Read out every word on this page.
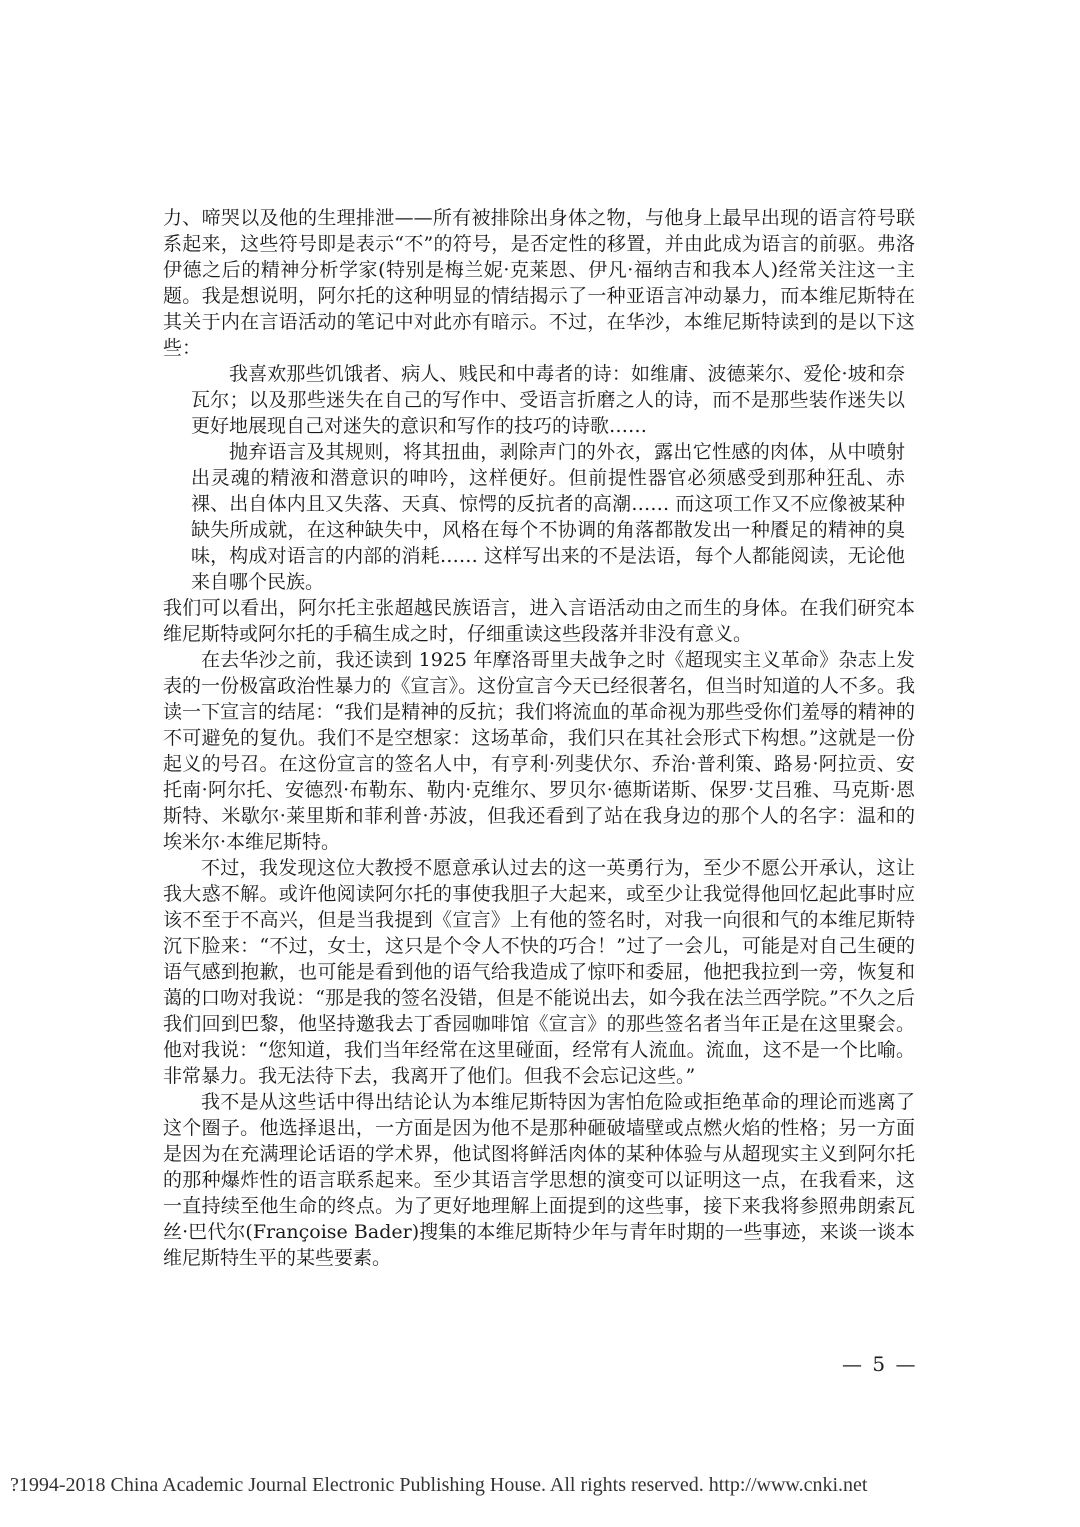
力、啼哭以及他的生理排泄——所有被排除出身体之物，与他身上最早出现的语言符号联系起来，这些符号即是表示“不”的符号，是否定性的移置，并由此成为语言的前驱。弗洛伊德之后的精神分析学家(特别是梅兰妮·克莱恩、伊凡·福纳吉和我本人)经常关注这一主题。我是想说明，阿尔托的这种明显的情结揭示了一种亚语言冲动暴力，而本维尼斯特在其关于内在言语活动的笔记中对此亦有暗示。不过，在华沙，本维尼斯特读到的是以下这些：

我喜欢那些饥饿者、病人、贱民和中毒者的诗：如维庸、波德莱尔、爱伦·坡和奈瓦尔；以及那些迷失在自己的写作中、受语言折磨之人的诗，而不是那些装作迷失以更好地展现自己对迷失的意识和写作的技巧的诗歌……

抛弃语言及其规则，将其扭曲，剥除声门的外衣，露出它性感的肉体，从中喷射出灵魂的精液和潜意识的呻吟，这样便好。但前提性器官必须感受到那种狂乱、赤裸、出自体内且又失落、天真、惊愕的反抗者的高潮…… 而这项工作又不应像被某种缺失所成就，在这种缺失中，风格在每个不协调的角落都散发出一种餍足的精神的臭味，构成对语言的内部的消耗…… 这样写出来的不是法语，每个人都能阅读，无论他来自哪个民族。

我们可以看出，阿尔托主张超越民族语言，进入言语活动由之而生的身体。在我们研究本维尼斯特或阿尔托的手稿生成之时，仔细重读这些段落并非没有意义。

在去华沙之前，我还读到 1925 年摩洛哥里夫战争之时《超现实主义革命》杂志上发表的一份极富政治性暴力的《宣言》。这份宣言今天已经很著名，但当时知道的人不多。我读一下宣言的结尾：“我们是精神的反抗；我们将流血的革命视为那些受你们羞辱的精神的不可避免的复仇。我们不是空想家：这场革命，我们只在其社会形式下构想。”这就是一份起义的号召。在这份宣言的签名人中，有亨利·列斐伏尔、乔治·普利策、路易·阿拉贡、安托南·阿尔托、安德烈·布勒东、勒内·克维尔、罗贝尔·德斯诺斯、保罗·艾吕雅、马克斯·恩斯特、米歇尔·莱里斯和菲利普·苏波，但我还看到了站在我身边的那个人的名字：温和的埃米尔·本维尼斯特。

不过，我发现这位大教授不愿意承认过去的这一英勇行为，至少不愿公开承认，这让我大惑不解。或许他阅读阿尔托的事使我胆子大起来，或至少让我觉得他回忆起此事时应该不至于不高兴，但是当我提到《宣言》上有他的签名时，对我一向很和气的本维尼斯特沉下脸来：“不过，女士，这只是个令人不快的巧合！”过了一会儿，可能是对自己生硬的语气感到抱歉，也可能是看到他的语气给我造成了惊吓和委屈，他把我拉到一旁，恢复和蔼的口吻对我说：“那是我的签名没错，但是不能说出去，如今我在法兰西学院。”不久之后我们回到巴黎，他坚持邀我去丁香园咖啡馆《宣言》的那些签名者当年正是在这里聚会。他对我说：“您知道，我们当年经常在这里碰面，经常有人流血。流血，这不是一个比喻。非常暴力。我无法待下去，我离开了他们。但我不会忘记这些。”

我不是从这些话中得出结论认为本维尼斯特因为害怕危险或拒绝革命的理论而逃离了这个圈子。他选择退出，一方面是因为他不是那种砸破墙壁或点燃火焰的性格；另一方面是因为在充满理论话语的学术界，他试图将鲜活肉体的某种体验与从超现实主义到阿尔托的那种爆炸性的语言联系起来。至少其语言学思想的演变可以证明这一点，在我看来，这一直持续至他生命的终点。为了更好地理解上面提到的这些事，接下来我将参照弗朗索瓦丝·巴代尔(Françoise Bader)搜集的本维尼斯特少年与青年时期的一些事迹，来谈一谈本维尼斯特生平的某些要素。

— 5 —
?1994-2018 China Academic Journal Electronic Publishing House. All rights reserved. http://www.cnki.net
